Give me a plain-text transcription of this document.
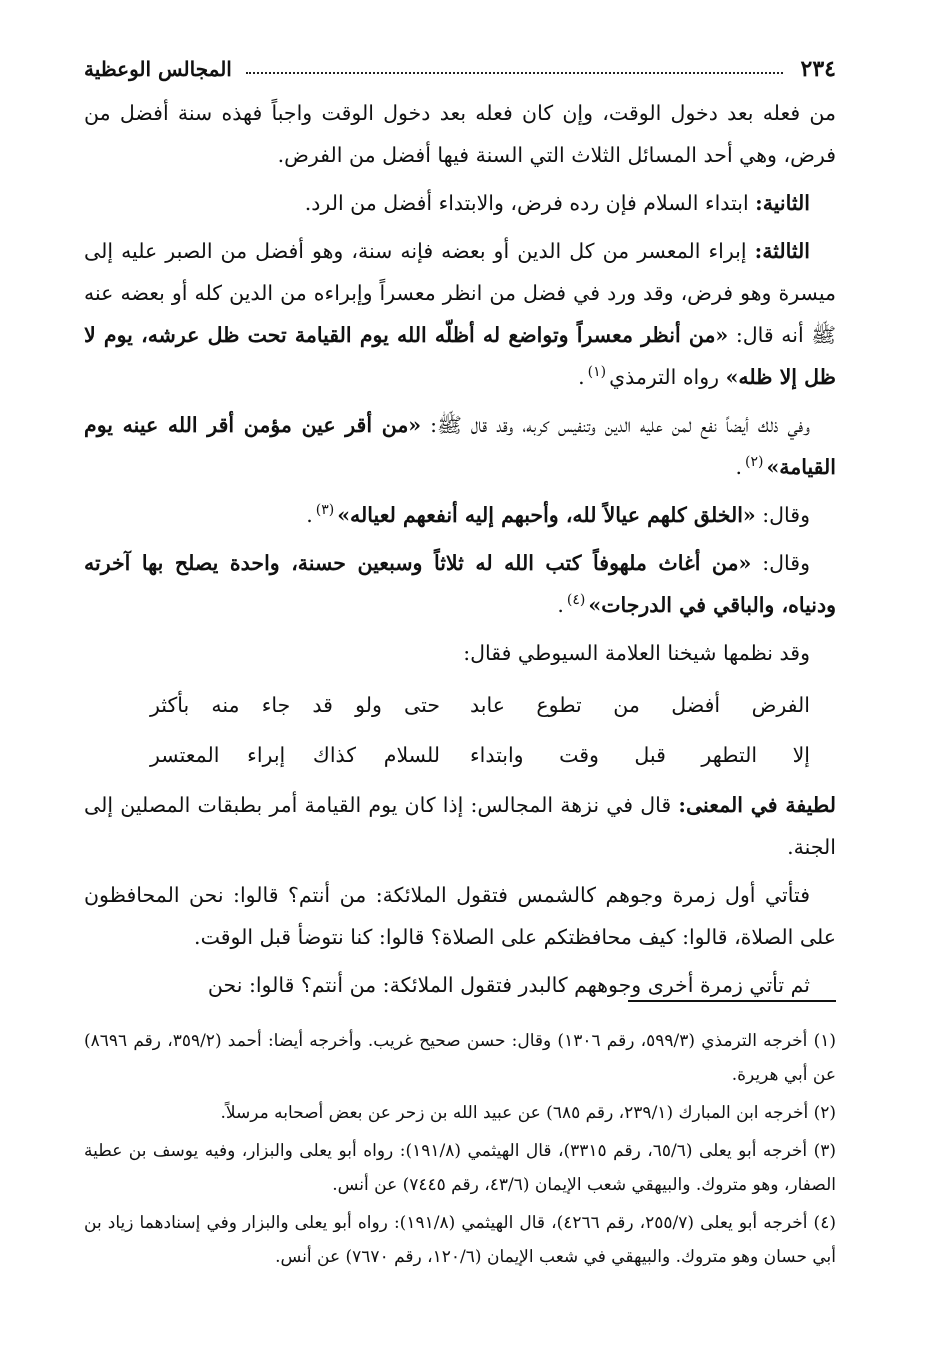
٢٣٤
المجالس الوعظية

من فعله بعد دخول الوقت، وإن كان فعله بعد دخول الوقت واجباً فهذه سنة أفضل من فرض، وهي أحد المسائل الثلاث التي السنة فيها أفضل من الفرض.

الثانية: ابتداء السلام فإن رده فرض، والابتداء أفضل من الرد.

الثالثة: إبراء المعسر من كل الدين أو بعضه فإنه سنة، وهو أفضل من الصبر عليه إلى ميسرة وهو فرض، وقد ورد في فضل من انظر معسراً وإبراءه من الدين كله أو بعضه عنه ﷺ أنه قال: «من أنظر معسراً وتواضع له أظلّه الله يوم القيامة تحت ظل عرشه، يوم لا ظل إلا ظله» رواه الترمذي$^{(١)}$.

وفي ذلك أيضاً نفع لمن عليه الدين وتنفيس كربه، وقد قال ﷺ: «من أقر عين مؤمن أقر الله عينه يوم القيامة»$^{(٢)}$.

وقال: «الخلق كلهم عيالاً لله، وأحبهم إليه أنفعهم لعياله»$^{(٣)}$.

وقال: «من أغاث ملهوفاً كتب الله له ثلاثاً وسبعين حسنة، واحدة يصلح بها آخرته ودنياه، والباقي في الدرجات»$^{(٤)}$.

وقد نظمها شيخنا العلامة السيوطي فقال:

الفرض أفضل من تطوع عابد
حتى ولو قد جاء منه بأكثر
إلا التطهر قبل وقت وابتداء
للسلام كذاك إبراء المعتسر

لطيفة في المعنى: قال في نزهة المجالس: إذا كان يوم القيامة أمر بطبقات المصلين إلى الجنة.

فتأتي أول زمرة وجوهم كالشمس فتقول الملائكة: من أنتم؟ قالوا: نحن المحافظون على الصلاة، قالوا: كيف محافظتكم على الصلاة؟ قالوا: كنا نتوضأ قبل الوقت.

ثم تأتي زمرة أخرى وجوههم كالبدر فتقول الملائكة: من أنتم؟ قالوا: نحن

(١) أخرجه الترمذي (٥٩٩/٣، رقم ١٣٠٦) وقال: حسن صحيح غريب. وأخرجه أيضا: أحمد (٣٥٩/٢، رقم ٨٦٩٦) عن أبي هريرة.

(٢) أخرجه ابن المبارك (٢٣٩/١، رقم ٦٨٥) عن عبيد الله بن زحر عن بعض أصحابه مرسلاً.

(٣) أخرجه أبو يعلى (٦٥/٦، رقم ٣٣١٥)، قال الهيثمي (١٩١/٨): رواه أبو يعلى والبزار، وفيه يوسف بن عطية الصفار، وهو متروك. والبيهقي شعب الإيمان (٤٣/٦، رقم ٧٤٤٥) عن أنس.

(٤) أخرجه أبو يعلى (٢٥٥/٧، رقم ٤٢٦٦)، قال الهيثمي (١٩١/٨): رواه أبو يعلى والبزار وفي إسنادهما زياد بن أبي حسان وهو متروك. والبيهقي في شعب الإيمان (١٢٠/٦، رقم ٧٦٧٠) عن أنس.
